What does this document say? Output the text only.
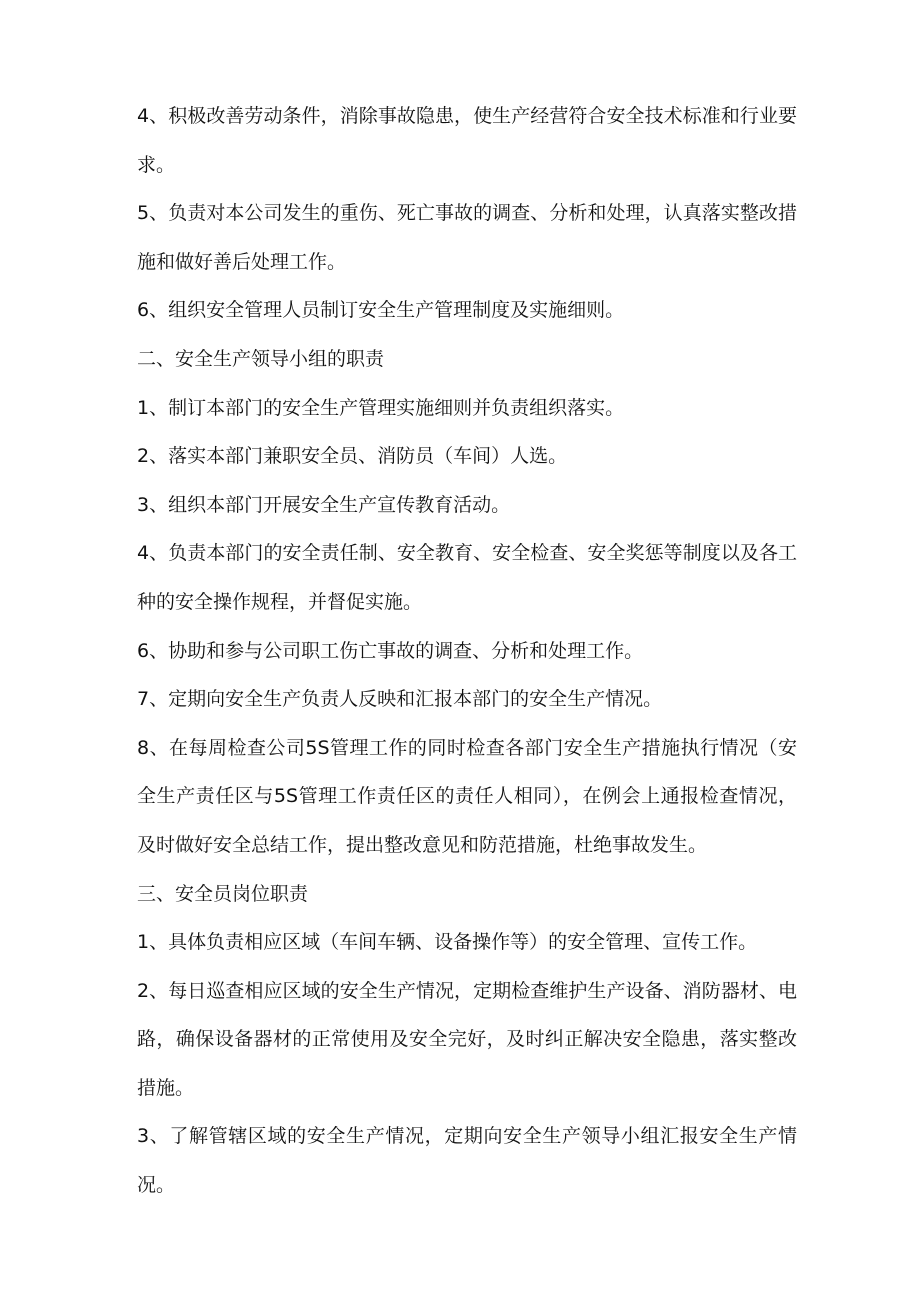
4、积极改善劳动条件，消除事故隐患，使生产经营符合安全技术标准和行业要求。

5、负责对本公司发生的重伤、死亡事故的调查、分析和处理，认真落实整改措施和做好善后处理工作。

6、组织安全管理人员制订安全生产管理制度及实施细则。

二、安全生产领导小组的职责

1、制订本部门的安全生产管理实施细则并负责组织落实。

2、落实本部门兼职安全员、消防员（车间）人选。

3、组织本部门开展安全生产宣传教育活动。

4、负责本部门的安全责任制、安全教育、安全检查、安全奖惩等制度以及各工种的安全操作规程，并督促实施。

6、协助和参与公司职工伤亡事故的调查、分析和处理工作。

7、定期向安全生产负责人反映和汇报本部门的安全生产情况。

8、在每周检查公司5S管理工作的同时检查各部门安全生产措施执行情况（安全生产责任区与5S管理工作责任区的责任人相同），在例会上通报检查情况，及时做好安全总结工作，提出整改意见和防范措施，杜绝事故发生。

三、安全员岗位职责

1、具体负责相应区域（车间车辆、设备操作等）的安全管理、宣传工作。

2、每日巡查相应区域的安全生产情况，定期检查维护生产设备、消防器材、电路，确保设备器材的正常使用及安全完好，及时纠正解决安全隐患，落实整改措施。

3、了解管辖区域的安全生产情况，定期向安全生产领导小组汇报安全生产情况。
